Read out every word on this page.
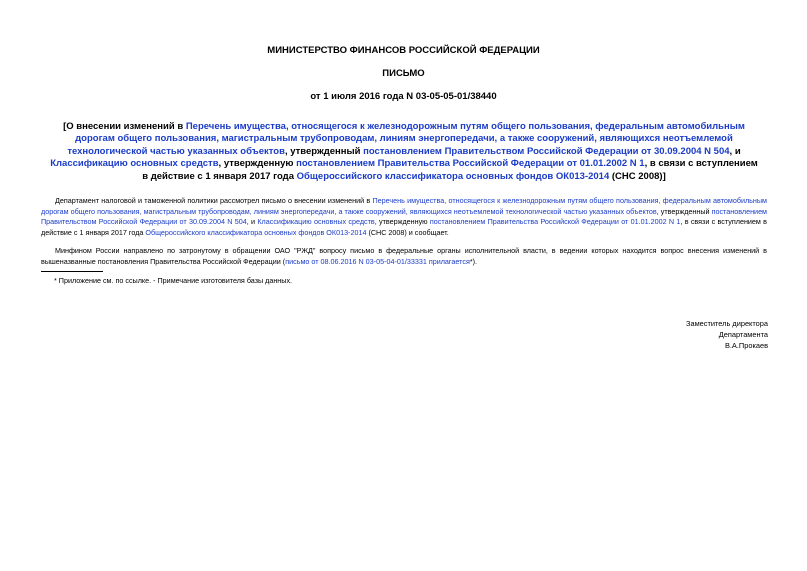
МИНИСТЕРСТВО ФИНАНСОВ РОССИЙСКОЙ ФЕДЕРАЦИИ
ПИСЬМО
от 1 июля 2016 года N 03-05-05-01/38440
[О внесении изменений в Перечень имущества, относящегося к железнодорожным путям общего пользования, федеральным автомобильным дорогам общего пользования, магистральным трубопроводам, линиям энергопередачи, а также сооружений, являющихся неотъемлемой технологической частью указанных объектов, утвержденный постановлением Правительством Российской Федерации от 30.09.2004 N 504, и Классификацию основных средств, утвержденную постановлением Правительства Российской Федерации от 01.01.2002 N 1, в связи с вступлением в действие с 1 января 2017 года Общероссийского классификатора основных фондов ОК013-2014 (СНС 2008)]
Департамент налоговой и таможенной политики рассмотрел письмо о внесении изменений в Перечень имущества, относящегося к железнодорожным путям общего пользования, федеральным автомобильным дорогам общего пользования, магистральным трубопроводам, линиям энергопередачи, а также сооружений, являющихся неотъемлемой технологической частью указанных объектов, утвержденный постановлением Правительством Российской Федерации от 30.09.2004 N 504, и Классификацию основных средств, утвержденную постановлением Правительства Российской Федерации от 01.01.2002 N 1, в связи с вступлением в действие с 1 января 2017 года Общероссийского классификатора основных фондов ОК013-2014 (СНС 2008) и сообщает.
Минфином России направлено по затронутому в обращении ОАО "РЖД" вопросу письмо в федеральные органы исполнительной власти, в ведении которых находится вопрос внесения изменений в вышеназванные постановления Правительства Российской Федерации (письмо от 08.06.2016 N 03-05-04-01/33331 прилагается*).
* Приложение см. по ссылке. - Примечание изготовителя базы данных.
Заместитель директора
Департамента
В.А.Прокаев
